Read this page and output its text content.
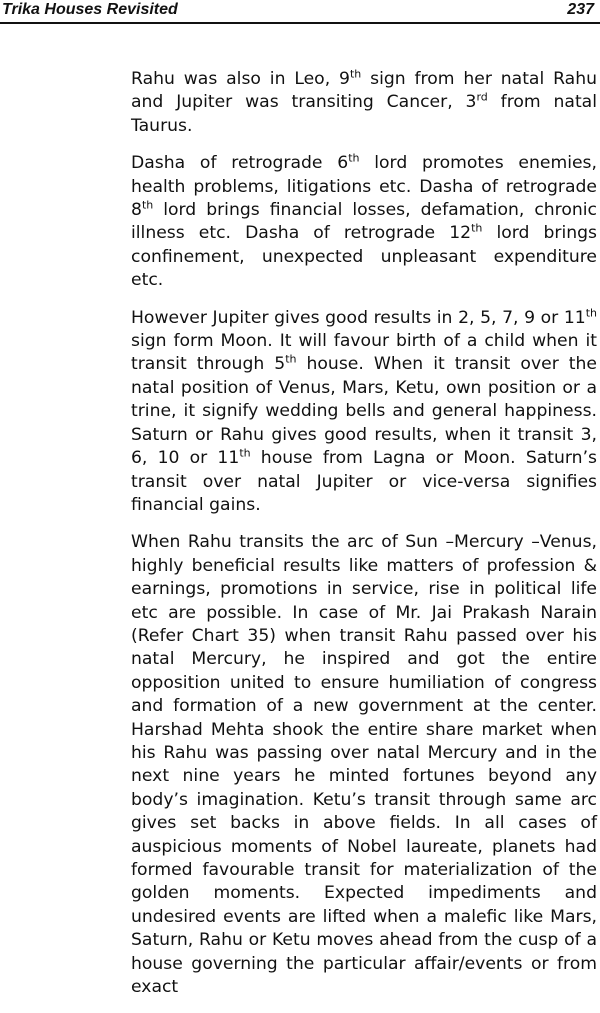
Trika Houses Revisited	237

Rahu was also in Leo, 9th sign from her natal Rahu and Jupiter was transiting Cancer, 3rd from natal Taurus.

Dasha of retrograde 6th lord promotes enemies, health problems, litigations etc. Dasha of retrograde 8th lord brings financial losses, defamation, chronic illness etc. Dasha of retrograde 12th lord brings confinement, unexpected unpleasant expenditure etc.

However Jupiter gives good results in 2, 5, 7, 9 or 11th sign form Moon. It will favour birth of a child when it transit through 5th house. When it transit over the natal position of Venus, Mars, Ketu, own position or a trine, it signify wedding bells and general happiness. Saturn or Rahu gives good results, when it transit 3, 6, 10 or 11th house from Lagna or Moon. Saturn’s transit over natal Jupiter or vice-versa signifies financial gains.

When Rahu transits the arc of Sun –Mercury –Venus, highly beneficial results like matters of profession & earnings, promotions in service, rise in political life etc are possible. In case of Mr. Jai Prakash Narain (Refer Chart 35) when transit Rahu passed over his natal Mercury, he inspired and got the entire opposition united to ensure humiliation of congress and formation of a new government at the center. Harshad Mehta shook the entire share market when his Rahu was passing over natal Mercury and in the next nine years he minted fortunes beyond any body’s imagination. Ketu’s transit through same arc gives set backs in above fields. In all cases of auspicious moments of Nobel laureate, planets had formed favourable transit for materialization of the golden moments. Expected impediments and undesired events are lifted when a malefic like Mars, Saturn, Rahu or Ketu moves ahead from the cusp of a house governing the particular affair/events or from exact
